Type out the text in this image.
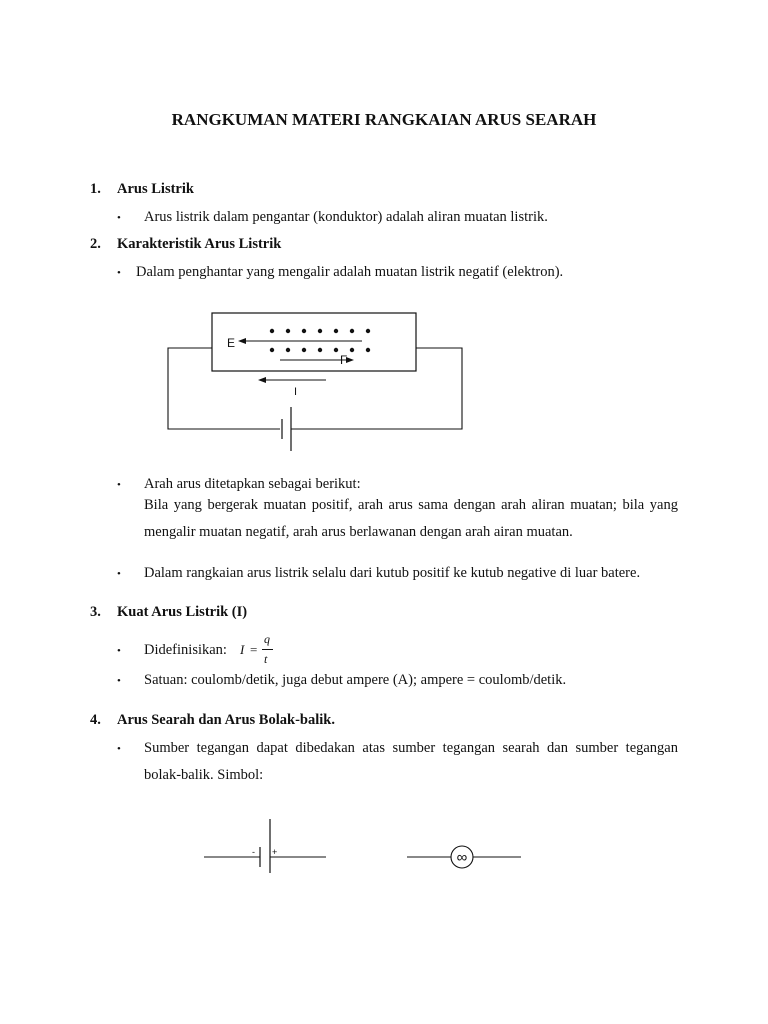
RANGKUMAN MATERI RANGKAIAN ARUS SEARAH
1. Arus Listrik
• Arus listrik dalam pengantar (konduktor) adalah aliran muatan listrik.
2. Karakteristik Arus Listrik
• Dalam penghantar yang mengalir adalah muatan listrik negatif (elektron).
E
F
I
• Arah arus ditetapkan sebagai berikut:
Bila yang bergerak muatan positif, arah arus sama dengan arah aliran muatan; bila yang
mengalir muatan negatif, arah arus berlawanan dengan arah airan muatan.
• Dalam rangkaian arus listrik selalu dari kutub positif ke kutub negative di luar batere.
3. Kuat Arus Listrik (I)
• Didefinisikan: I =
q
t
• Satuan: coulomb/detik, juga debut ampere (A); ampere = coulomb/detik.
4. Arus Searah dan Arus Bolak-balik.
• Sumber tegangan dapat dibedakan atas sumber tegangan searah dan sumber tegangan
bolak-balik. Simbol:
- +	∞
